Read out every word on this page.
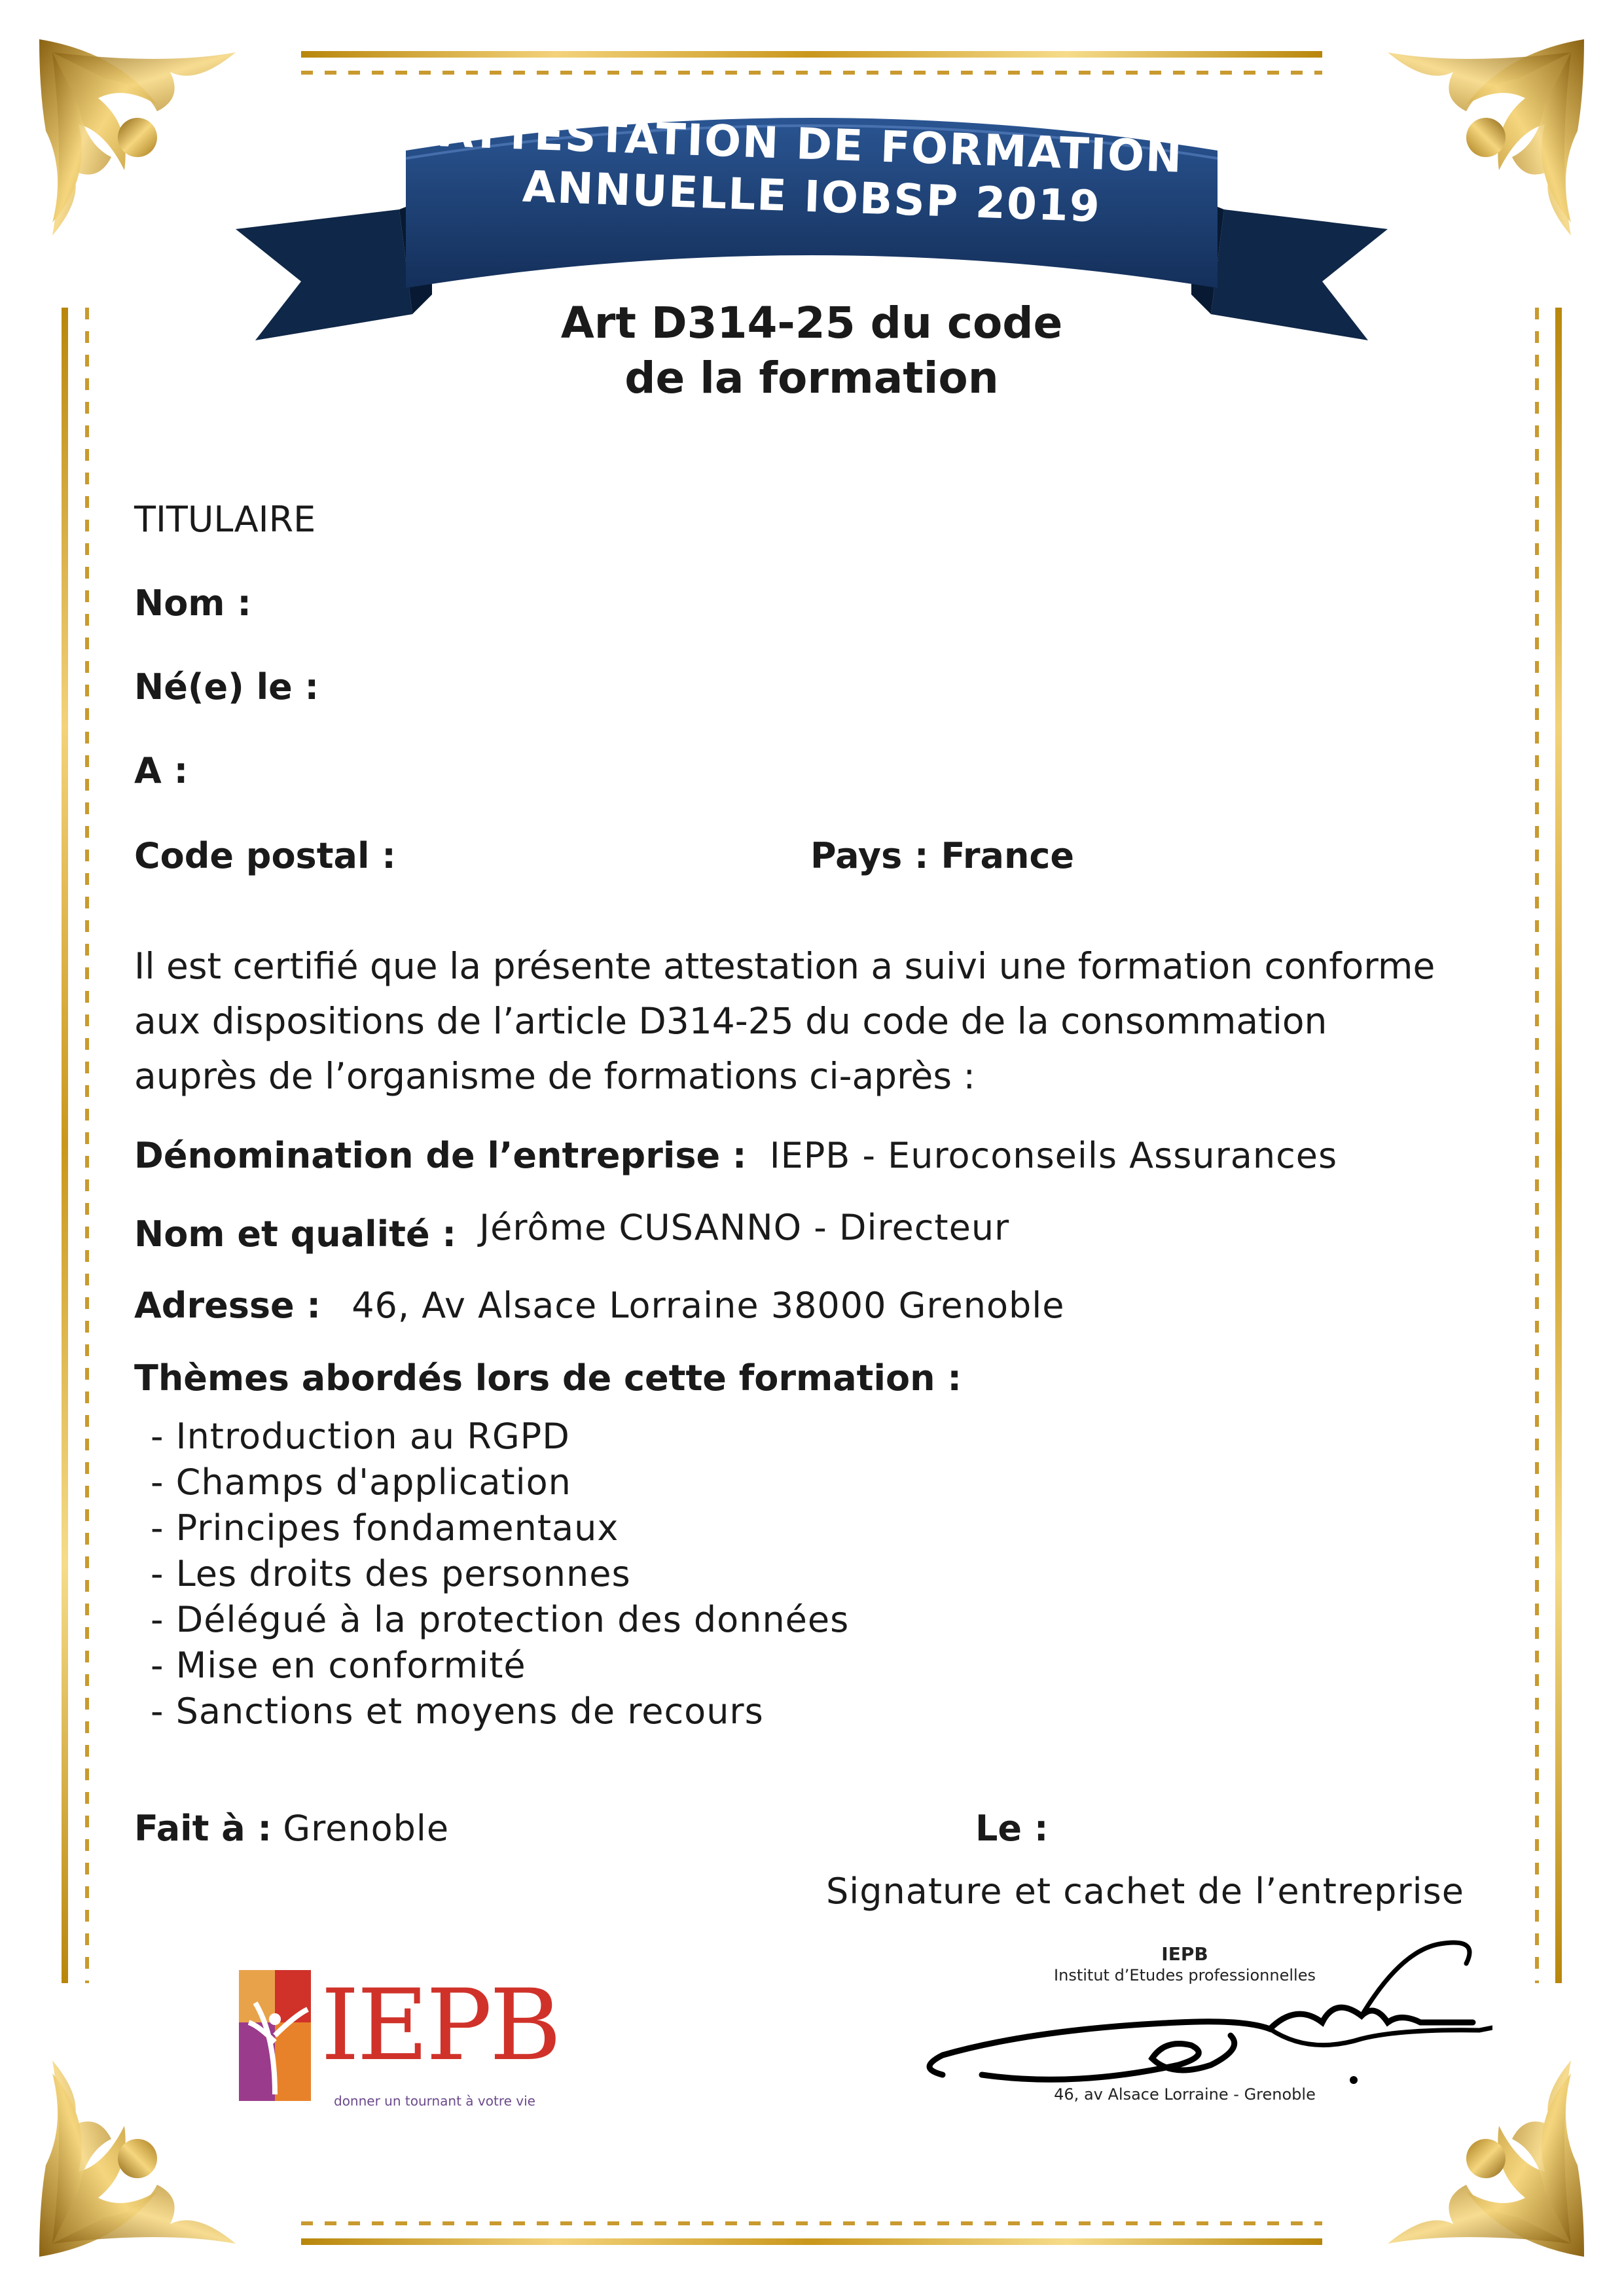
ATTESTATION DE FORMATION
ANNUELLE IOBSP 2019
Art D314-25 du code
de la formation
TITULAIRE
Nom :
Né(e) le :
A :
Code postal :	Pays : France
Il est certifié que la présente attestation a suivi une formation conforme
aux dispositions de l’article D314-25 du code de la consommation
auprès de l’organisme de formations ci-après :
Dénomination de l’entreprise : IEPB - Euroconseils Assurances
Nom et qualité : Jérôme CUSANNO - Directeur
Adresse : 46, Av Alsace Lorraine 38000 Grenoble
Thèmes abordés lors de cette formation :
- Introduction au RGPD
- Champs d'application
- Principes fondamentaux
- Les droits des personnes
- Délégué à la protection des données
- Mise en conformité
- Sanctions et moyens de recours
Fait à : Grenoble	Le :
Signature et cachet de l’entreprise
IEPB
donner un tournant à votre vie
IEPB
Institut d’Etudes professionnelles
46, av Alsace Lorraine - Grenoble
